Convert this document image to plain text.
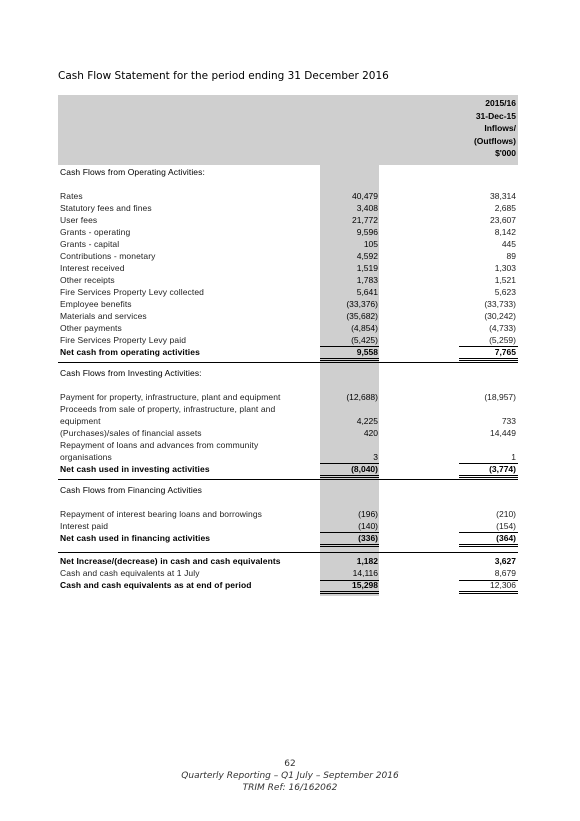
Cash Flow Statement for the period ending 31 December 2016
2015/16
31-Dec-15
Inflows/
(Outflows)
$'000
Cash Flows from Operating Activities:
Rates	40,479	38,314
Statutory fees and fines	3,408	2,685
User fees	21,772	23,607
Grants - operating	9,596	8,142
Grants - capital	105	445
Contributions - monetary	4,592	89
Interest received	1,519	1,303
Other receipts	1,783	1,521
Fire Services Property Levy collected	5,641	5,623
Employee benefits	(33,376)	(33,733)
Materials and services	(35,682)	(30,242)
Other payments	(4,854)	(4,733)
Fire Services Property Levy paid	(5,425)	(5,259)
Net cash from operating activities	9,558	7,765
Cash Flows from Investing Activities:
Payment for property, infrastructure, plant and equipment	(12,688)	(18,957)
Proceeds from sale of property, infrastructure, plant and
equipment	4,225	733
(Purchases)/sales of financial assets	420	14,449
Repayment of loans and advances from community
organisations	3	1
Net cash used in investing activities	(8,040)	(3,774)
Cash Flows from Financing Activities
Repayment of interest bearing loans and borrowings	(196)	(210)
Interest paid	(140)	(154)
Net cash used in financing activities	(336)	(364)
Net Increase/(decrease) in cash and cash equivalents	1,182	3,627
Cash and cash equivalents at 1 July	14,116	8,679
Cash and cash equivalents as at end of period	15,298	12,306
62
Quarterly Reporting – Q1 July – September 2016
TRIM Ref: 16/162062
